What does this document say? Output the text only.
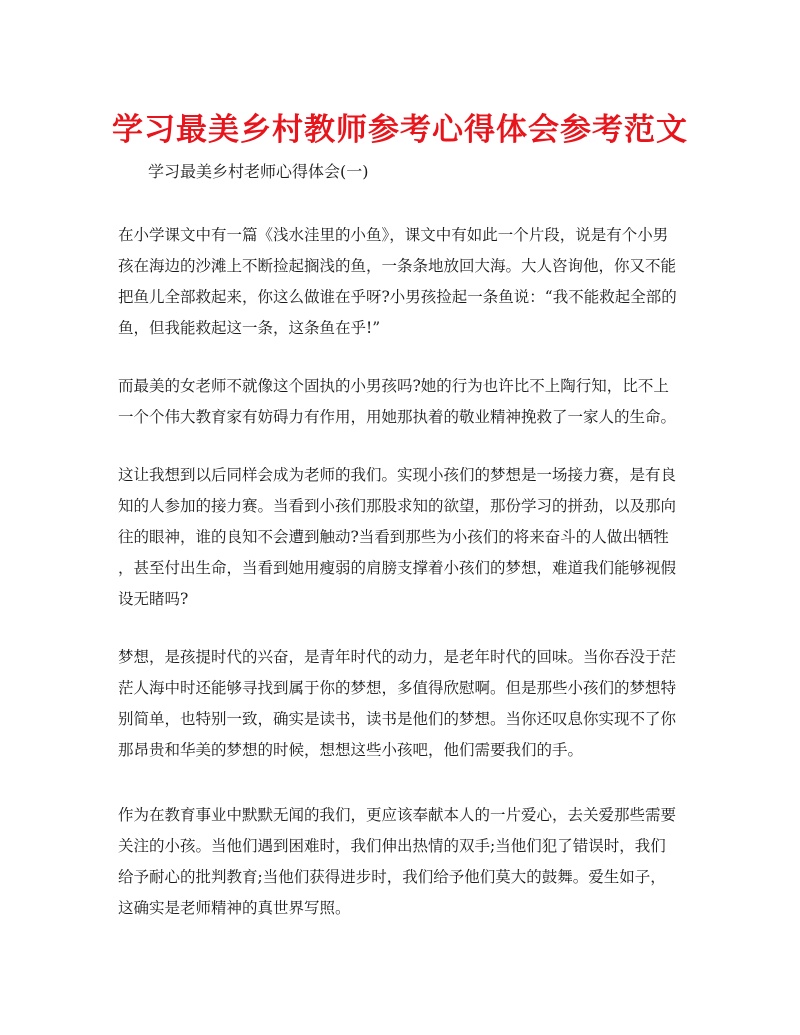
学习最美乡村教师参考心得体会参考范文

学习最美乡村老师心得体会(一)

在小学课文中有一篇《浅水洼里的小鱼》，课文中有如此一个片段，说是有个小男
孩在海边的沙滩上不断捡起搁浅的鱼，一条条地放回大海。大人咨询他，你又不能
把鱼儿全部救起来，你这么做谁在乎呀?小男孩捡起一条鱼说：“我不能救起全部的
鱼，但我能救起这一条，这条鱼在乎!”

而最美的女老师不就像这个固执的小男孩吗?她的行为也许比不上陶行知，比不上
一个个伟大教育家有妨碍力有作用，用她那执着的敬业精神挽救了一家人的生命。

这让我想到以后同样会成为老师的我们。实现小孩们的梦想是一场接力赛，是有良
知的人参加的接力赛。当看到小孩们那股求知的欲望，那份学习的拼劲，以及那向
往的眼神，谁的良知不会遭到触动?当看到那些为小孩们的将来奋斗的人做出牺牲
，甚至付出生命，当看到她用瘦弱的肩膀支撑着小孩们的梦想，难道我们能够视假
设无睹吗?

梦想，是孩提时代的兴奋，是青年时代的动力，是老年时代的回味。当你吞没于茫
茫人海中时还能够寻找到属于你的梦想，多值得欣慰啊。但是那些小孩们的梦想特
别简单，也特别一致，确实是读书，读书是他们的梦想。当你还叹息你实现不了你
那昂贵和华美的梦想的时候，想想这些小孩吧，他们需要我们的手。

作为在教育事业中默默无闻的我们，更应该奉献本人的一片爱心，去关爱那些需要
关注的小孩。当他们遇到困难时，我们伸出热情的双手;当他们犯了错误时，我们
给予耐心的批判教育;当他们获得进步时，我们给予他们莫大的鼓舞。爱生如子，
这确实是老师精神的真世界写照。
